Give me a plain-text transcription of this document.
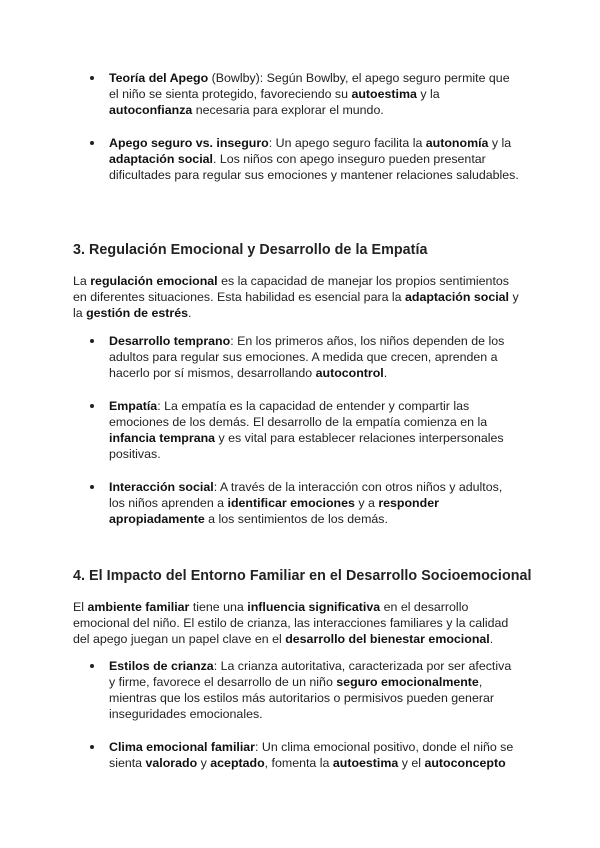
Teoría del Apego (Bowlby): Según Bowlby, el apego seguro permite que el niño se sienta protegido, favoreciendo su autoestima y la autoconfianza necesaria para explorar el mundo.

Apego seguro vs. inseguro: Un apego seguro facilita la autonomía y la adaptación social. Los niños con apego inseguro pueden presentar dificultades para regular sus emociones y mantener relaciones saludables.

3. Regulación Emocional y Desarrollo de la Empatía

La regulación emocional es la capacidad de manejar los propios sentimientos en diferentes situaciones. Esta habilidad es esencial para la adaptación social y la gestión de estrés.

Desarrollo temprano: En los primeros años, los niños dependen de los adultos para regular sus emociones. A medida que crecen, aprenden a hacerlo por sí mismos, desarrollando autocontrol.

Empatía: La empatía es la capacidad de entender y compartir las emociones de los demás. El desarrollo de la empatía comienza en la infancia temprana y es vital para establecer relaciones interpersonales positivas.

Interacción social: A través de la interacción con otros niños y adultos, los niños aprenden a identificar emociones y a responder apropiadamente a los sentimientos de los demás.

4. El Impacto del Entorno Familiar en el Desarrollo Socioemocional

El ambiente familiar tiene una influencia significativa en el desarrollo emocional del niño. El estilo de crianza, las interacciones familiares y la calidad del apego juegan un papel clave en el desarrollo del bienestar emocional.

Estilos de crianza: La crianza autoritativa, caracterizada por ser afectiva y firme, favorece el desarrollo de un niño seguro emocionalmente, mientras que los estilos más autoritarios o permisivos pueden generar inseguridades emocionales.

Clima emocional familiar: Un clima emocional positivo, donde el niño se sienta valorado y aceptado, fomenta la autoestima y el autoconcepto
